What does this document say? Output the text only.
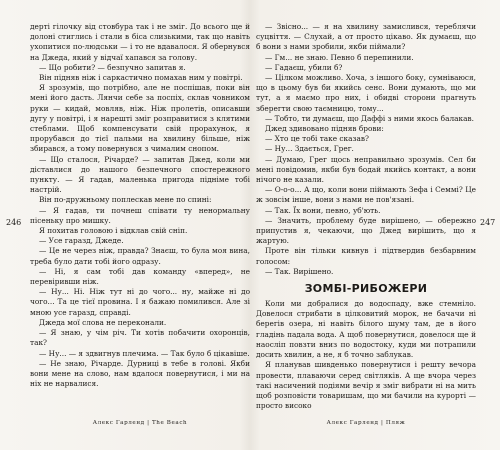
246

дерті гілочку від стовбура так і не зміг. До всього ще й долоні стиглись і стали в біса слизькими, так що навіть ухопитися по-людськи — і то не вдавалося. Я обернувся на Джеда, який у відчаї хапався за голову.

— Що робити? — безпучно запитав я.

Він підняв ніж і саркастично помахав ним у повітрі.

Я зрозумів, що потрібно, але не поспішав, поки він мені його дасть. Лянчи себе за поспіх, склав човником руки — кидай, мовляв, ніж. Ніж пролетів, описавши дугу у повітрі, і я нарешті зміг розправитися з клятими стеблами. Щоб компенсувати свій прорахунок, я прорубався до тієї пальми на хвилину більше, ніж збирався, а тому повернувся з чималим снопом.

— Що сталося, Річарде? — запитав Джед, коли ми діставлися до нашого безпечного спостережного пункту. — Я гадав, маленька пригода підніме тобі настрій.

Він по-дружньому поплескав мене по спині:

— Я гадав, ти почнеш співати ту ненормальну пісеньку про мишку.

Я похитав головою і відклав свій сніп.

— Усе гаразд, Джеде.

— Це не через ніж, правда? Знаєш, то була моя вина, треба було дати тобі його одразу.

— Ні, я сам тобі дав команду «вперед», не перевіривши ніж.

— Ну... Ні. Ніж тут ні до чого... ну, майже ні до чого... Та це тієї провина. І я бажаю помилився. Але зі мною усе гаразд, справді.

Джеда мої слова не переконали.

— Я знаю, у чім річ. Ти хотів побачити охоронців, так?

— Ну... — я здвигнув плечима. — Так було б цікавіше.

— Не знаю, Річарде. Дурниці в тебе в голові. Якби вони мене на слово, нам вдалося повернутися, і ми на ніх не нарвалися.

Алекс Гарленд | The Beach
247

— Звісно... — я на хвилину замислився, тереблячи суцвіття. — Слухай, а от просто цікаво. Як думаєш, що б вони з нами зробили, якби піймали?

— Гм... не знаю. Певно б перепинили.

— Гадаєш, убили б?

— Цілком можливо. Хоча, з іншого боку, сумніваюся, що в цьому був би якийсь сенс. Вони думають, що ми тут, а я маємо про них, і обидві сторони прагнуть зберегти свою таємницю, тому...

— Тобто, ти думаєш, що Даффі з ними якось балакав.

Джед здивовано підняв брови:

— Хто це тобі таке сказав?

— Ну... Здається, Грег.

— Думаю, Грег щось неправильно зрозумів. Сел би мені повідомив, якби був бодай якийсь контакт, а вони нічого не казали.

— О-о-о... А що, коли вони піймають Зефа і Семмі? Це ж зовсім інше, вони з нами не пов'язані.

— Так. Їх вони, певно, уб'ють.

— Значить, проблему буде вирішено, — обережно припустив я, чекаючи, що Джед вирішить, що я жартую.

Проте він тільки кивнув і підтвердив безбарвним голосом:

— Так. Вирішено.

ЗОМБІ-РИБОЖЕРИ

Коли ми добралися до водоспаду, вже стемніло. Довелося стрибати в цілковитий морок, не бачачи ні берегів озера, ні навіть білого шуму там, де в його гладінь падала вода. А щоб повернутися, довелося ще й наосліп повзти вниз по водостоку, куди ми потрапили досить хвилин, а не, я б точно заблукав.

Я планував шивденько повернутися і решту вечора провести, плаваючи серед світляків. А ще вчора через такі насичений подіями вечір я зміг вибрати ні на мить щоб розповісти товаришам, що ми бачили на курорті — просто високо

Алекс Гарленд | Пляж
